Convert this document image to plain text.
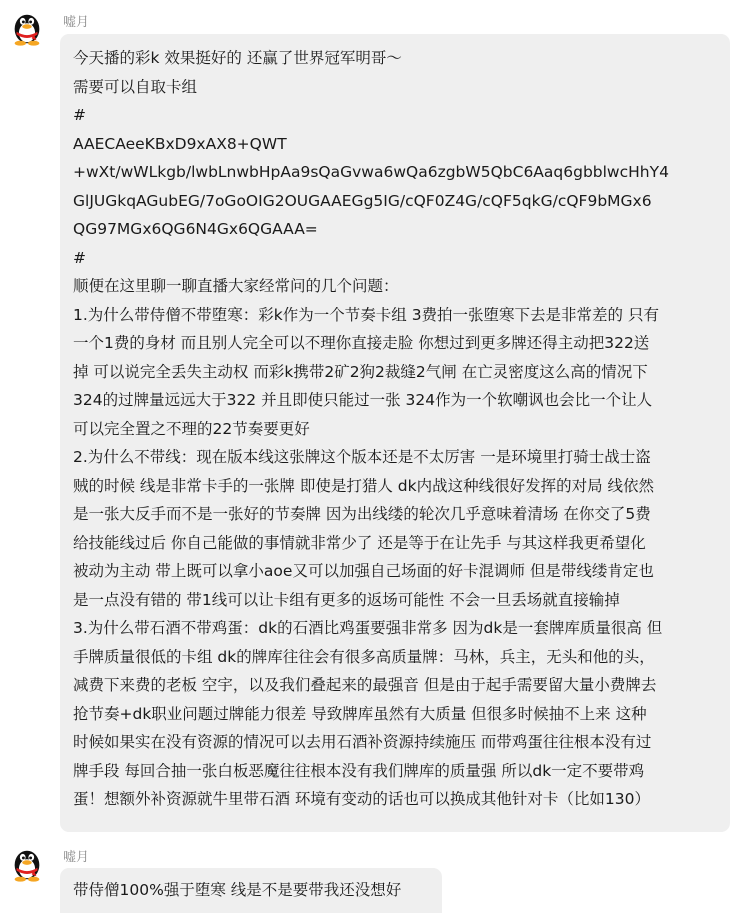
嘘月
今天播的彩k 效果挺好的 还赢了世界冠军明哥～
需要可以自取卡组
#
AAECAeeKBxD9xAX8+QWT
+wXt/wWLkgb/lwbLnwbHpAa9sQaGvwa6wQa6zgbW5QbC6Aaq6gbblwcHhY4
GlJUGkqAGubEG/7oGoOIG2OUGAAEGg5IG/cQF0Z4G/cQF5qkG/cQF9bMGx6
QG97MGx6QG6N4Gx6QGAAA=
#
顺便在这里聊一聊直播大家经常问的几个问题：
1.为什么带侍僧不带堕寒：彩k作为一个节奏卡组 3费拍一张堕寒下去是非常差的 只有
一个1费的身材 而且别人完全可以不理你直接走脸 你想过到更多牌还得主动把322送
掉 可以说完全丢失主动权 而彩k携带2矿2狗2裁缝2气闸 在亡灵密度这么高的情况下
324的过牌量远远大于322 并且即使只能过一张 324作为一个软嘲讽也会比一个让人
可以完全置之不理的22节奏要更好
2.为什么不带线：现在版本线这张牌这个版本还是不太厉害 一是环境里打骑士战士盗
贼的时候 线是非常卡手的一张牌 即使是打猎人 dk内战这种线很好发挥的对局 线依然
是一张大反手而不是一张好的节奏牌 因为出线缕的轮次几乎意味着清场 在你交了5费
给技能线过后 你自己能做的事情就非常少了 还是等于在让先手 与其这样我更希望化
被动为主动 带上既可以拿小aoe又可以加强自己场面的好卡混调师 但是带线缕肯定也
是一点没有错的 带1线可以让卡组有更多的返场可能性 不会一旦丢场就直接输掉
3.为什么带石酒不带鸡蛋：dk的石酒比鸡蛋要强非常多 因为dk是一套牌库质量很高 但
手牌质量很低的卡组 dk的牌库往往会有很多高质量牌：马林，兵主，无头和他的头，
减费下来费的老板 空宇，以及我们叠起来的最强音 但是由于起手需要留大量小费牌去
抢节奏+dk职业问题过牌能力很差 导致牌库虽然有大质量 但很多时候抽不上来 这种
时候如果实在没有资源的情况可以去用石酒补资源持续施压 而带鸡蛋往往根本没有过
牌手段 每回合抽一张白板恶魔往往根本没有我们牌库的质量强 所以dk一定不要带鸡
蛋！想额外补资源就牛里带石酒 环境有变动的话也可以换成其他针对卡（比如130）
嘘月
带侍僧100%强于堕寒 线是不是要带我还没想好
